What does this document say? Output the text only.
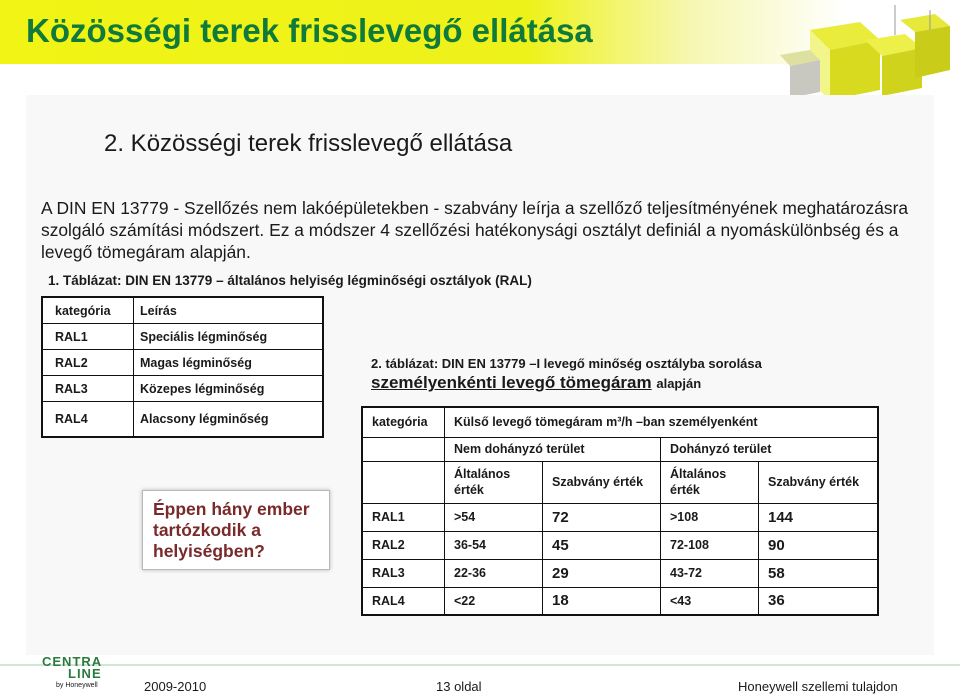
Közösségi terek frisslevegő ellátása
2. Közösségi terek frisslevegő ellátása
A DIN EN 13779 - Szellőzés nem lakóépületekben - szabvány leírja a szellőző teljesítményének meghatározásra szolgáló számítási módszert. Ez a módszer 4 szellőzési hatékonysági osztályt definiál a nyomáskülönbség és a levegő tömegáram alapján.
1. Táblázat: DIN EN 13779 – általános helyiség légminőségi osztályok (RAL)
kategória	Leírás
RAL1	Speciális légminőség
RAL2	Magas légminőség
RAL3	Közepes légminőség
RAL4	Alacsony légminőség
Éppen hány ember tartózkodik a helyiségben?
2. táblázat: DIN EN 13779 –I levegő minőség osztályba sorolása
személyenkénti levegő tömegáram alapján
kategória	Külső levegő tömegáram m³/h –ban személyenként			
	Nem dohányzó terület		Dohányzó terület	
	Általános érték	Szabvány érték	Általános érték	Szabvány érték
RAL1	>54	72	>108	144
RAL2	36-54	45	72-108	90
RAL3	22-36	29	43-72	58
RAL4	<22	18	<43	36
CENTRA
LINE
by Honeywell	2009-2010	13 oldal	Honeywell szellemi tulajdon
